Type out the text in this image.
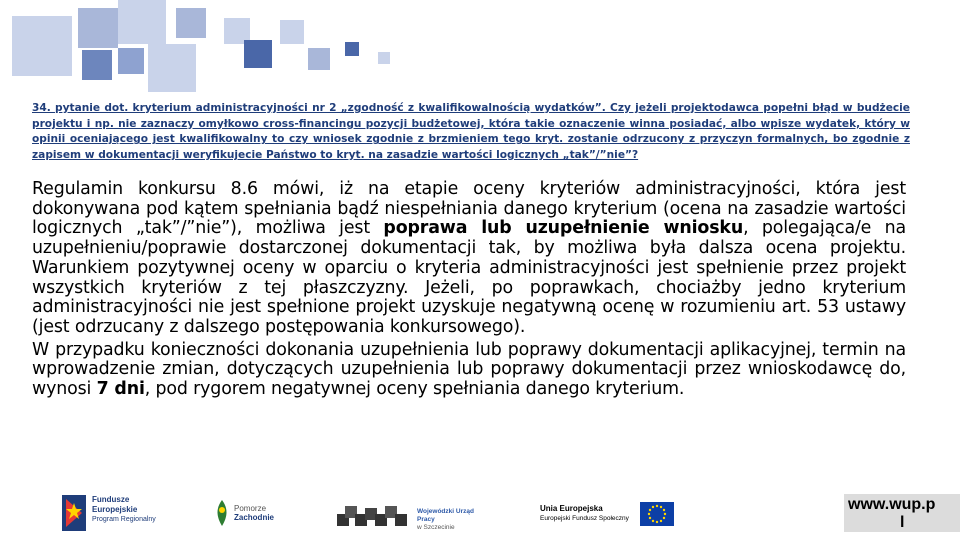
34. pytanie dot. kryterium administracyjności nr 2 „zgodność z kwalifikowalnością wydatków”. Czy jeżeli projektodawca popełni błąd w budżecie projektu i np. nie zaznaczy omyłkowo cross-financingu pozycji budżetowej, która takie oznaczenie winna posiadać, albo wpisze wydatek, który w opinii oceniającego jest kwalifikowalny to czy wniosek zgodnie z brzmieniem tego kryt. zostanie odrzucony z przyczyn formalnych, bo zgodnie z zapisem w dokumentacji weryfikujecie Państwo to kryt. na zasadzie wartości logicznych „tak”/”nie”?

Regulamin konkursu 8.6 mówi, iż na etapie oceny kryteriów administracyjności, która jest dokonywana pod kątem spełniania bądź niespełniania danego kryterium (ocena na zasadzie wartości logicznych „tak”/”nie”), możliwa jest poprawa lub uzupełnienie wniosku, polegająca/e na uzupełnieniu/poprawie dostarczonej dokumentacji tak, by możliwa była dalsza ocena projektu. Warunkiem pozytywnej oceny w oparciu o kryteria administracyjności jest spełnienie przez projekt wszystkich kryteriów z tej płaszczyzny. Jeżeli, po poprawkach, chociażby jedno kryterium administracyjności nie jest spełnione projekt uzyskuje negatywną ocenę w rozumieniu art. 53 ustawy (jest odrzucany z dalszego postępowania konkursowego).

W przypadku konieczności dokonania uzupełnienia lub poprawy dokumentacji aplikacyjnej, termin na wprowadzenie zmian, dotyczących uzupełnienia lub poprawy dokumentacji przez wnioskodawcę do, wynosi 7 dni, pod rygorem negatywnej oceny spełniania danego kryterium.

Fundusze
Europejskie
Program Regionalny
Pomorze
Zachodnie
Wojewódzki Urząd Pracy
w Szczecinie
Unia Europejska
Europejski Fundusz Społeczny
www.wup.p
l
